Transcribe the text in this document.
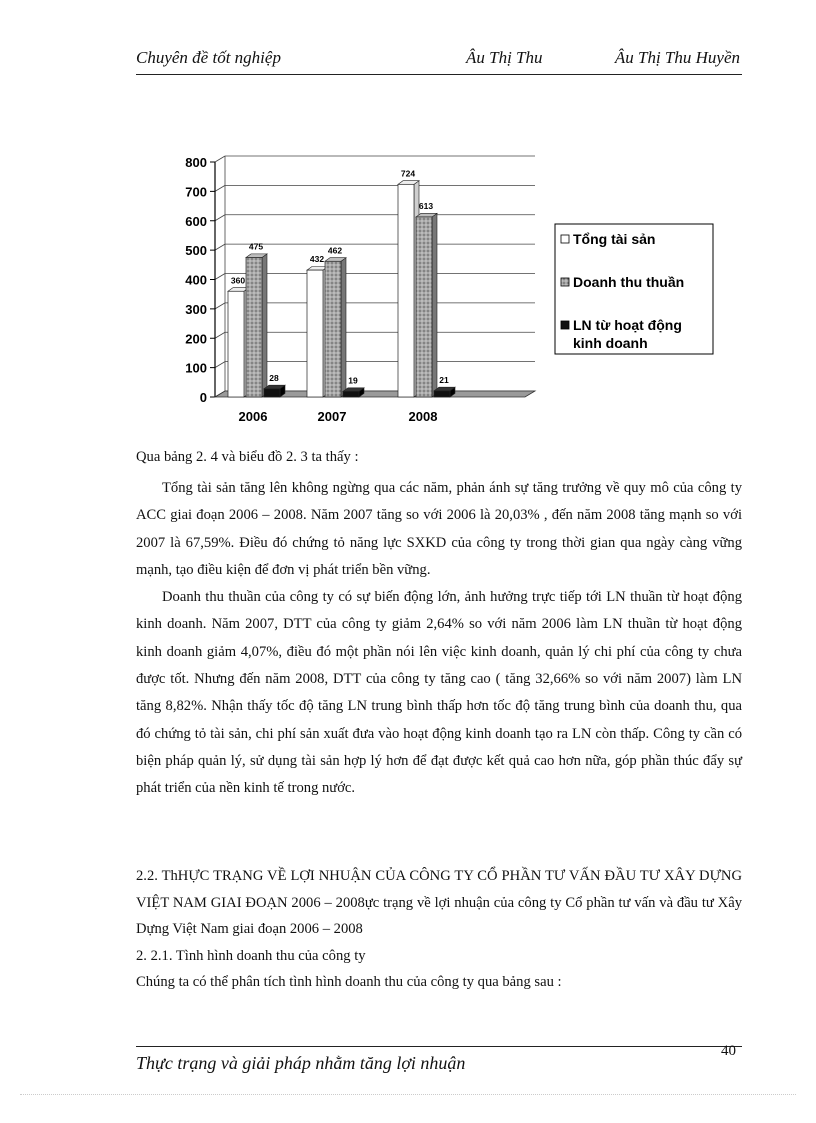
Chuyên đề tốt nghiệp	Âu Thị Thu	Âu Thị Thu Huyền
800
700
600
500
400
300
200
100
0
360
475
28
432
462
19
724
613
21
2006	2007	2008
Tổng tài sản
Doanh thu thuần
LN từ hoạt động
kinh doanh
Qua bảng 2. 4 và biểu đồ 2. 3 ta thấy :

Tổng tài sản tăng lên không ngừng qua các năm, phản ánh sự tăng trưởng về quy mô của công ty ACC giai đoạn 2006 – 2008. Năm 2007 tăng so với 2006 là 20,03% , đến năm 2008 tăng mạnh so với 2007 là 67,59%. Điều đó chứng tỏ năng lực SXKD của công ty trong thời gian qua ngày càng vững mạnh, tạo điều kiện để đơn vị phát triển bền vững.

Doanh thu thuần của công ty có sự biến động lớn, ảnh hưởng trực tiếp tới LN thuần từ hoạt động kinh doanh. Năm 2007, DTT của công ty giảm 2,64% so với năm 2006 làm LN thuần từ hoạt động kinh doanh giảm 4,07%, điều đó một phần nói lên việc kinh doanh, quản lý chi phí của công ty chưa được tốt. Nhưng đến năm 2008, DTT của công ty tăng cao ( tăng 32,66% so với năm 2007) làm LN tăng 8,82%. Nhận thấy tốc độ tăng LN trung bình thấp hơn tốc độ tăng trung bình của doanh thu, qua đó chứng tỏ tài sản, chi phí sản xuất đưa vào hoạt động kinh doanh tạo ra LN còn thấp. Công ty cần có biện pháp quản lý, sử dụng tài sản hợp lý hơn để đạt được kết quả cao hơn nữa, góp phần thúc đẩy sự phát triển của nền kinh tế trong nước.

2.2. ThHỰC TRẠNG VỀ LỢI NHUẬN CỦA CÔNG TY CỔ PHẦN TƯ VẤN ĐẦU TƯ XÂY DỰNG VIỆT NAM GIAI ĐOẠN 2006 – 2008ực trạng về lợi nhuận của công ty Cổ phần tư vấn và đầu tư Xây Dựng Việt Nam giai đoạn 2006 – 2008
2. 2.1. Tình hình doanh thu của công ty
Chúng ta có thể phân tích tình hình doanh thu của công ty qua bảng sau :
Thực trạng và giải pháp nhằm tăng lợi nhuận
40
